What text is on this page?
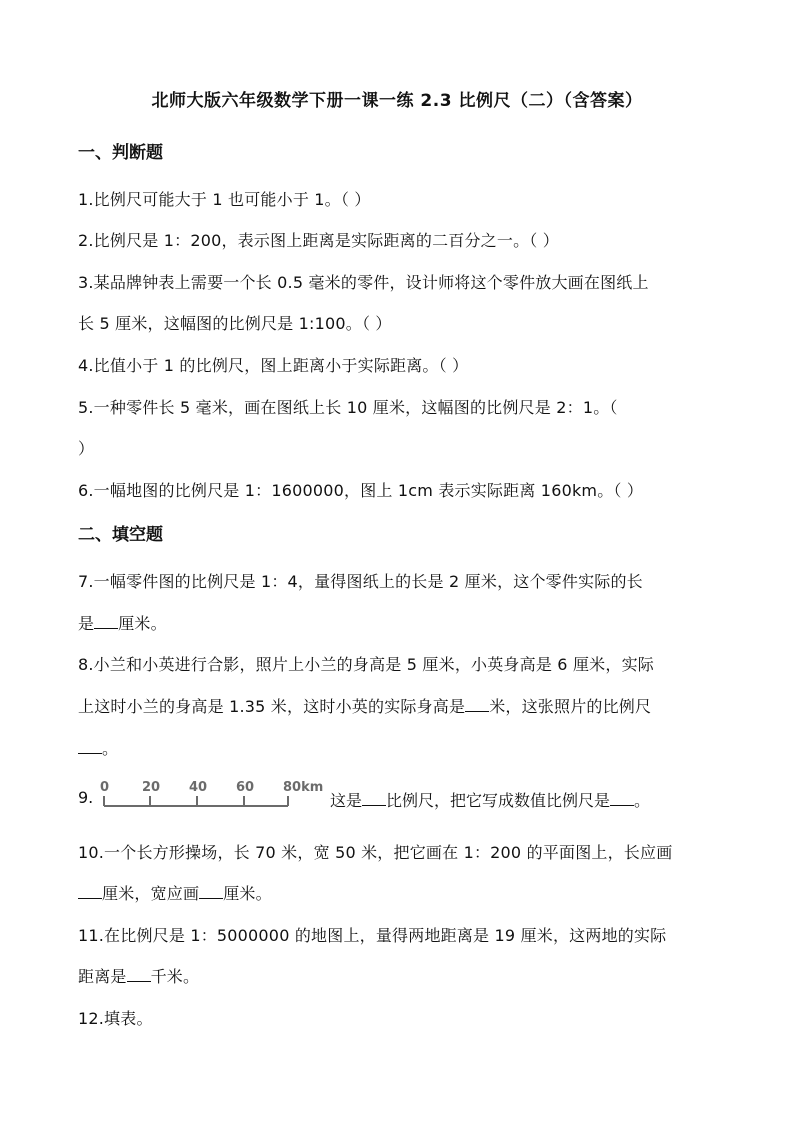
北师大版六年级数学下册一课一练 2.3 比例尺（二）（含答案）
一、判断题
1.比例尺可能大于 1 也可能小于 1。（ ）
2.比例尺是 1：200，表示图上距离是实际距离的二百分之一。（ ）
3.某品牌钟表上需要一个长 0.5 毫米的零件，设计师将这个零件放大画在图纸上
长 5 厘米，这幅图的比例尺是 1:100。（ ）
4.比值小于 1 的比例尺，图上距离小于实际距离。（ ）
5.一种零件长 5 毫米，画在图纸上长 10 厘米，这幅图的比例尺是 2：1。（
）
6.一幅地图的比例尺是 1：1600000，图上 1cm 表示实际距离 160km。（ ）
二、填空题
7.一幅零件图的比例尺是 1：4，量得图纸上的长是 2 厘米，这个零件实际的长
是 厘米。
8.小兰和小英进行合影，照片上小兰的身高是 5 厘米，小英身高是 6 厘米，实际
上这时小兰的身高是 1.35 米，这时小英的实际身高是 米，这张照片的比例尺
。
9.
0	20 40 60 80km
这是 比例尺，把它写成数值比例尺是 。
10.一个长方形操场，长 70 米，宽 50 米，把它画在 1：200 的平面图上，长应画
厘米，宽应画 厘米。
11.在比例尺是 1：5000000 的地图上，量得两地距离是 19 厘米，这两地的实际
距离是 千米。
12.填表。
